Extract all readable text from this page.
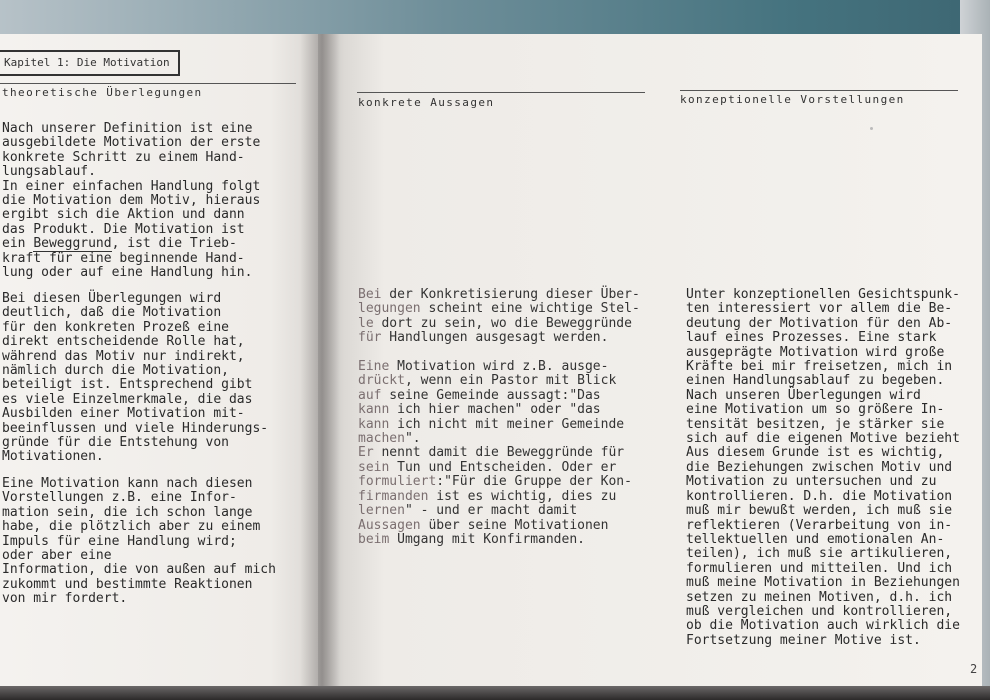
Kapitel 1: Die Motivation
theoretische Überlegungen
konkrete Aussagen	konzeptionelle Vorstellungen
Nach unserer Definition ist eine
ausgebildete Motivation der erste
konkrete Schritt zu einem Hand-
lungsablauf.
In einer einfachen Handlung folgt
die Motivation dem Motiv, hieraus
ergibt sich die Aktion und dann
das Produkt. Die Motivation ist
ein Beweggrund, ist die Trieb-
kraft für eine beginnende Hand-
lung oder auf eine Handlung hin.
Bei diesen Überlegungen wird
deutlich, daß die Motivation
für den konkreten Prozeß eine
direkt entscheidende Rolle hat,
während das Motiv nur indirekt,
nämlich durch die Motivation,
beteiligt ist. Entsprechend gibt
es viele Einzelmerkmale, die das
Ausbilden einer Motivation mit-
beeinflussen und viele Hinderungs-
gründe für die Entstehung von
Motivationen.
Eine Motivation kann nach diesen
Vorstellungen z.B. eine Infor-
mation sein, die ich schon lange
habe, die plötzlich aber zu einem
Impuls für eine Handlung wird;
oder aber eine
Information, die von außen auf mich
zukommt und bestimmte Reaktionen
von mir fordert.
Bei der Konkretisierung dieser Über-
legungen scheint eine wichtige Stel-
le dort zu sein, wo die Beweggründe
für Handlungen ausgesagt werden.

Eine Motivation wird z.B. ausge-
drückt, wenn ein Pastor mit Blick
auf seine Gemeinde aussagt:"Das
kann ich hier machen" oder "das
kann ich nicht mit meiner Gemeinde
machen".
Er nennt damit die Beweggründe für
sein Tun und Entscheiden. Oder er
formuliert:"Für die Gruppe der Kon-
firmanden ist es wichtig, dies zu
lernen" - und er macht damit
Aussagen über seine Motivationen
beim Umgang mit Konfirmanden.
Unter konzeptionellen Gesichtspunk-
ten interessiert vor allem die Be-
deutung der Motivation für den Ab-
lauf eines Prozesses. Eine stark
ausgeprägte Motivation wird große
Kräfte bei mir freisetzen, mich in
einen Handlungsablauf zu begeben.
Nach unseren Überlegungen wird
eine Motivation um so größere In-
tensität besitzen, je stärker sie
sich auf die eigenen Motive bezieht
Aus diesem Grunde ist es wichtig,
die Beziehungen zwischen Motiv und
Motivation zu untersuchen und zu
kontrollieren. D.h. die Motivation
muß mir bewußt werden, ich muß sie
reflektieren (Verarbeitung von in-
tellektuellen und emotionalen An-
teilen), ich muß sie artikulieren,
formulieren und mitteilen. Und ich
muß meine Motivation in Beziehungen
setzen zu meinen Motiven, d.h. ich
muß vergleichen und kontrollieren,
ob die Motivation auch wirklich die
Fortsetzung meiner Motive ist.
2
